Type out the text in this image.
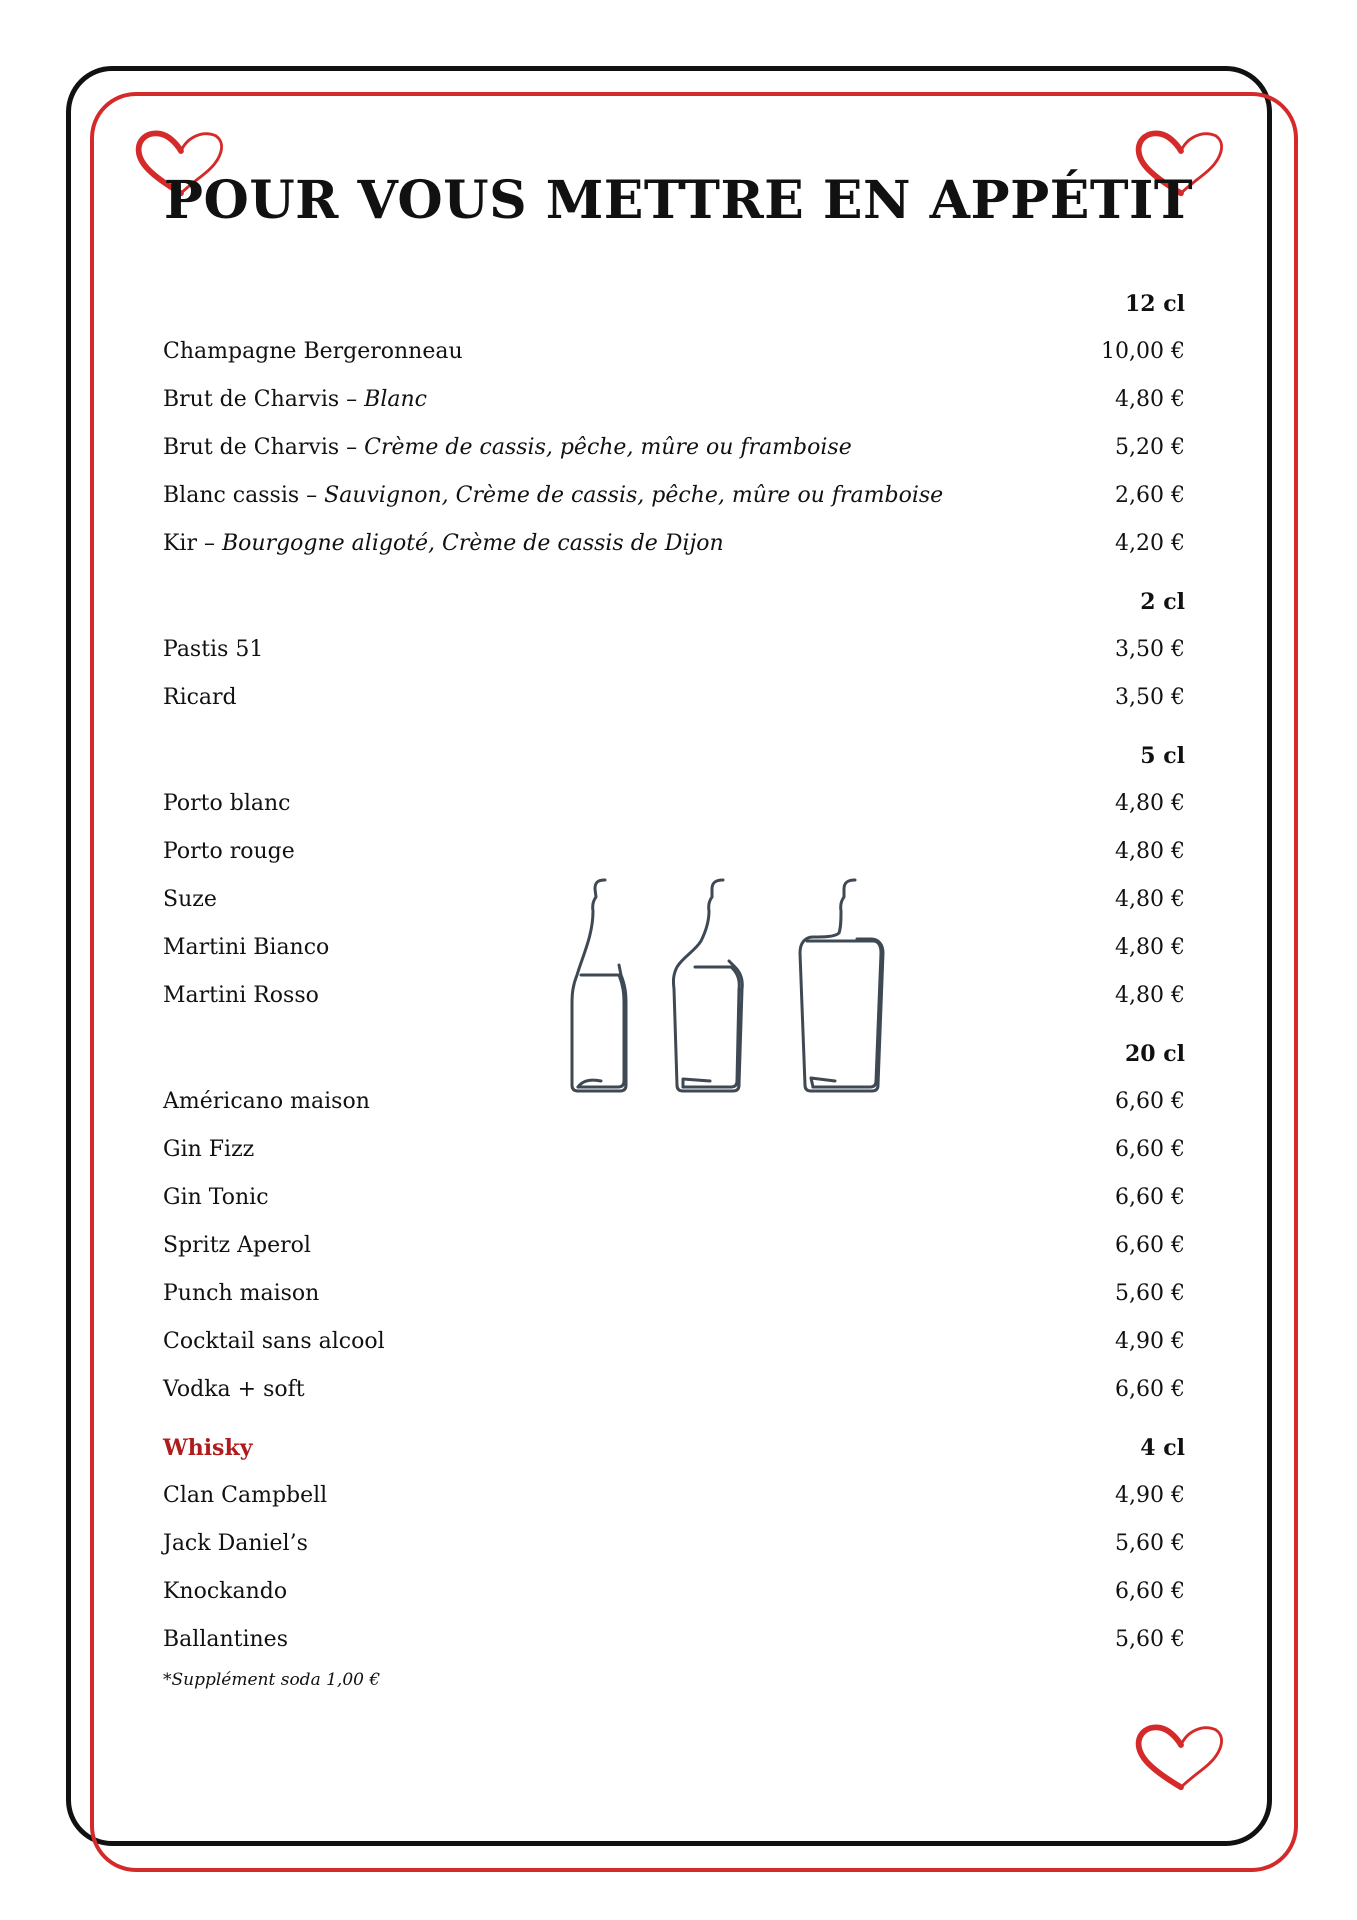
POUR VOUS METTRE EN APPÉTIT
12 cl
Champagne Bergeronneau	10,00 €
Brut de Charvis – Blanc	4,80 €
Brut de Charvis – Crème de cassis, pêche, mûre ou framboise	5,20 €
Blanc cassis – Sauvignon, Crème de cassis, pêche, mûre ou framboise	2,60 €
Kir – Bourgogne aligoté, Crème de cassis de Dijon	4,20 €
2 cl
Pastis 51	3,50 €
Ricard	3,50 €
5 cl
Porto blanc	4,80 €
Porto rouge	4,80 €
Suze	4,80 €
Martini Bianco	4,80 €
Martini Rosso	4,80 €
20 cl
Américano maison	6,60 €
Gin Fizz	6,60 €
Gin Tonic	6,60 €
Spritz Aperol	6,60 €
Punch maison	5,60 €
Cocktail sans alcool	4,90 €
Vodka + soft	6,60 €
Whisky	4 cl
Clan Campbell	4,90 €
Jack Daniel’s	5,60 €
Knockando	6,60 €
Ballantines	5,60 €
*Supplément soda 1,00 €
